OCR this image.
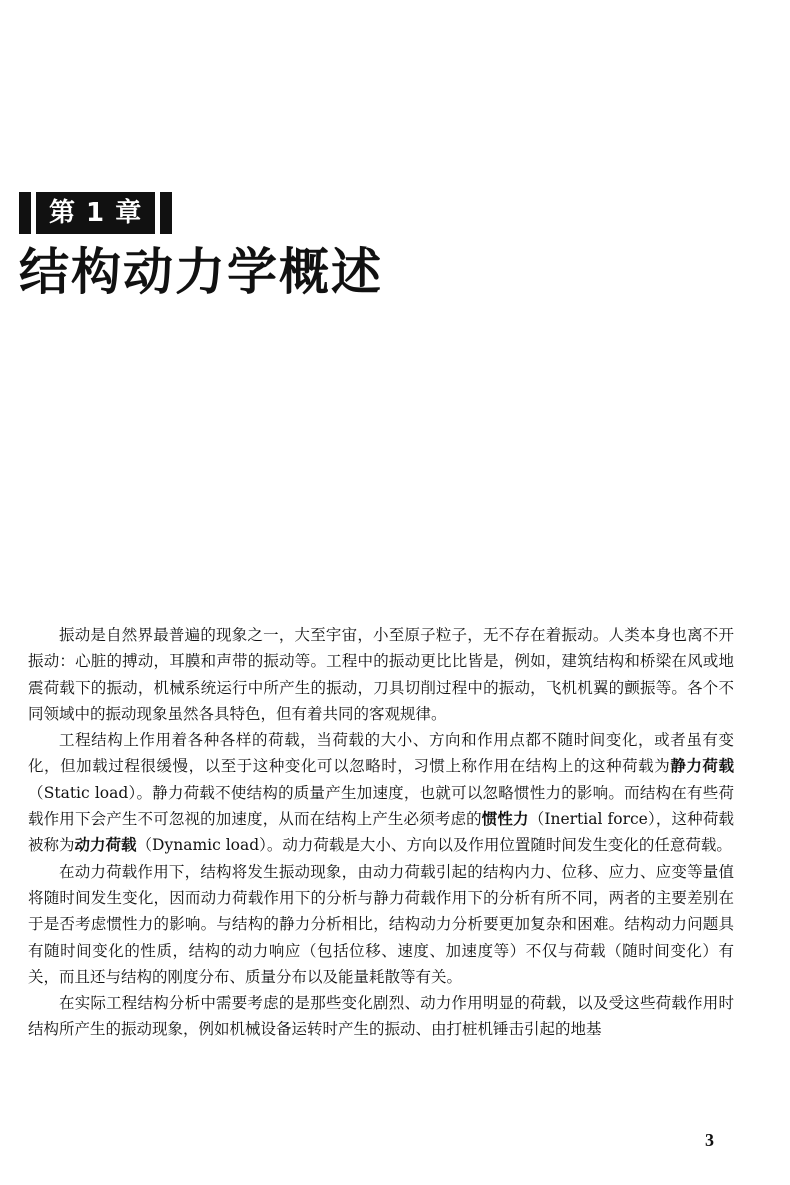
第 1 章
结构动力学概述

振动是自然界最普遍的现象之一，大至宇宙，小至原子粒子，无不存在着振动。人类本身也离不开振动：心脏的搏动，耳膜和声带的振动等。工程中的振动更比比皆是，例如，建筑结构和桥梁在风或地震荷载下的振动，机械系统运行中所产生的振动，刀具切削过程中的振动，飞机机翼的颤振等。各个不同领域中的振动现象虽然各具特色，但有着共同的客观规律。

工程结构上作用着各种各样的荷载，当荷载的大小、方向和作用点都不随时间变化，或者虽有变化，但加载过程很缓慢，以至于这种变化可以忽略时，习惯上称作用在结构上的这种荷载为静力荷载（Static load）。静力荷载不使结构的质量产生加速度，也就可以忽略惯性力的影响。而结构在有些荷载作用下会产生不可忽视的加速度，从而在结构上产生必须考虑的惯性力（Inertial force），这种荷载被称为动力荷载（Dynamic load）。动力荷载是大小、方向以及作用位置随时间发生变化的任意荷载。

在动力荷载作用下，结构将发生振动现象，由动力荷载引起的结构内力、位移、应力、应变等量值将随时间发生变化，因而动力荷载作用下的分析与静力荷载作用下的分析有所不同，两者的主要差别在于是否考虑惯性力的影响。与结构的静力分析相比，结构动力分析要更加复杂和困难。结构动力问题具有随时间变化的性质，结构的动力响应（包括位移、速度、加速度等）不仅与荷载（随时间变化）有关，而且还与结构的刚度分布、质量分布以及能量耗散等有关。

在实际工程结构分析中需要考虑的是那些变化剧烈、动力作用明显的荷载，以及受这些荷载作用时结构所产生的振动现象，例如机械设备运转时产生的振动、由打桩机锤击引起的地基

3
